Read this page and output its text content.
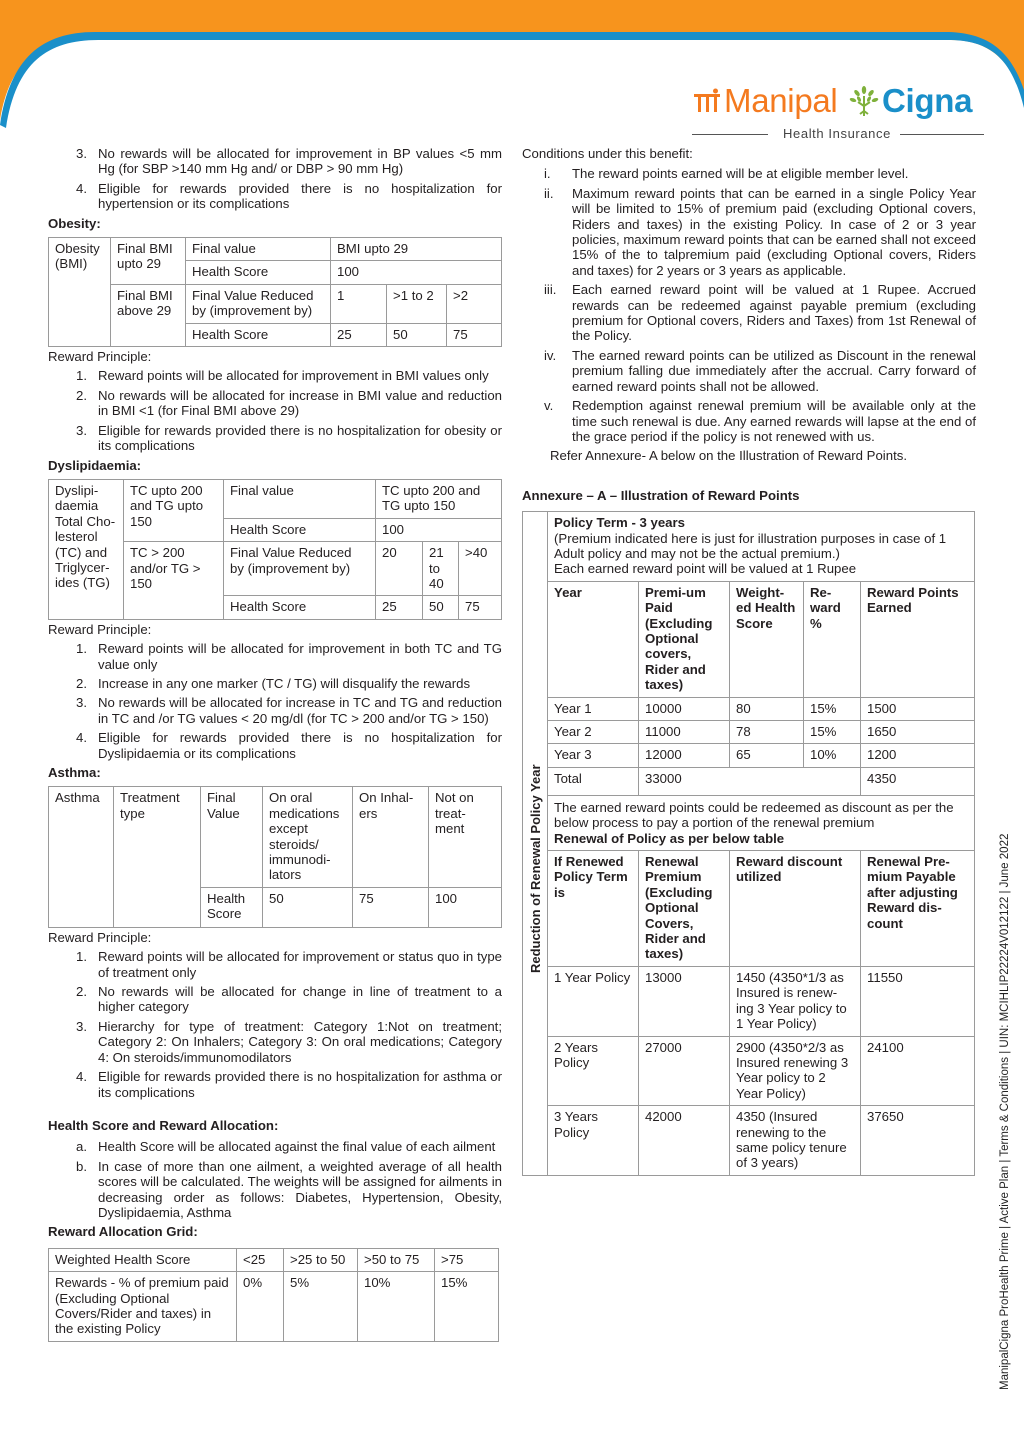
Manipal Cigna
Health Insurance
3. No rewards will be allocated for improvement in BP values <5 mm Hg (for SBP >140 mm Hg and/ or DBP > 90 mm Hg)
4. Eligible for rewards provided there is no hospitalization for hypertension or its complications
Obesity:
Obesity (BMI)	Final BMI upto 29	Final value	BMI upto 29		
		Health Score	100		
	Final BMI above 29	Final Value Reduced by (improvement by)	1	>1 to 2	>2
		Health Score	25	50	75

Reward Principle:

1. Reward points will be allocated for improvement in BMI values only
2. No rewards will be allocated for increase in BMI value and reduction in BMI <1 (for Final BMI above 29)
3. Eligible for rewards provided there is no hospitalization for obesity or its complications
Dyslipidaemia:
Dyslipi-daemia Total Cho-lesterol (TC) and Triglycer-ides (TG)	TC upto 200 and TG upto 150	Final value	TC upto 200 and TG upto 150		
		Health Score	100		
	TC > 200 and/or TG > 150	Final Value Reduced by (improvement by)	20	21 to 40	>40
		Health Score	25	50	75

Reward Principle:

1. Reward points will be allocated for improvement in both TC and TG value only
2. Increase in any one marker (TC / TG) will disqualify the rewards
3. No rewards will be allocated for increase in TC and TG and reduction in TC and /or TG values < 20 mg/dl (for TC > 200 and/or TG > 150)
4. Eligible for rewards provided there is no hospitalization for Dyslipidaemia or its complications
Asthma:
Asthma	Treatment type	Final Value	On oral medications except steroids/ immunodi-lators	On Inhal-ers	Not on treat-ment
		Health Score	50	75	100

Reward Principle:

1. Reward points will be allocated for improvement or status quo in type of treatment only
2. No rewards will be allocated for change in line of treatment to a higher category
3. Hierarchy for type of treatment: Category 1:Not on treatment; Category 2: On Inhalers; Category 3: On oral medications; Category 4: On steroids/immunomodilators
4. Eligible for rewards provided there is no hospitalization for asthma or its complications
Health Score and Reward Allocation:
a. Health Score will be allocated against the final value of each ailment
b. In case of more than one ailment, a weighted average of all health scores will be calculated. The weights will be assigned for ailments in decreasing order as follows: Diabetes, Hypertension, Obesity, Dyslipidaemia, Asthma
Reward Allocation Grid:
Weighted Health Score	<25	>25 to 50	>50 to 75	>75
Rewards - % of premium paid (Excluding Optional Covers/Rider and taxes) in the existing Policy	0%	5%	10%	15%

Conditions under this benefit:

i.	The reward points earned will be at eligible member level.
ii.	Maximum reward points that can be earned in a single Policy Year will be limited to 15% of premium paid (excluding Optional covers, Riders and taxes) in the existing Policy. In case of 2 or 3 year policies, maximum reward points that can be earned shall not exceed 15% of the to talpremium paid (excluding Optional covers, Riders and taxes) for 2 years or 3 years as applicable.
iii.	Each earned reward point will be valued at 1 Rupee. Accrued rewards can be redeemed against payable premium (excluding premium for Optional covers, Riders and Taxes) from 1st Renewal of the Policy.
iv.	The earned reward points can be utilized as Discount in the renewal premium falling due immediately after the accrual. Carry forward of earned reward points shall not be allowed.
v.	Redemption against renewal premium will be available only at the time such renewal is due. Any earned rewards will lapse at the end of the grace period if the policy is not renewed with us.

Refer Annexure- A below on the Illustration of Reward Points.

Annexure – A – Illustration of Reward Points

	Policy Term - 3 years
(Premium indicated here is just for illustration purposes in case of 1 Adult policy and may not be the actual premium.)
Each earned reward point will be valued at 1 Rupee				

	Year	Premi-um Paid (Excluding Optional covers, Rider and taxes)	Weight-ed Health Score	Re-ward %	Reward Points Earned
	Year 1	10000	80	15%	1500
	Year 2	11000	78	15%	1650
	Year 3	12000	65	10%	1200
	Total	33000			4350

	The earned reward points could be redeemed as discount as per the below process to pay a portion of the renewal premium
Renewal of Policy as per below table				

	If Renewed Policy Term is	Renewal Premium (Excluding Optional Covers, Rider and taxes)	Reward discount utilized		Renewal Pre-mium Payable after adjusting Reward dis-count
	1 Year Policy	13000	1450 (4350*1/3 as Insured is renew-ing 3 Year policy to 1 Year Policy)		11550
	2 Years Policy	27000	2900 (4350*2/3 as Insured renewing 3 Year policy to 2 Year Policy)		24100
	3 Years Policy	42000	4350 (Insured renewing to the same policy tenure of 3 years)		37650
Reduction of Renewal Policy Year	ManipalCigna ProHealth Prime | Active Plan | Terms & Conditions | UIN: MCIHLIP22224V012122 | June 2022
